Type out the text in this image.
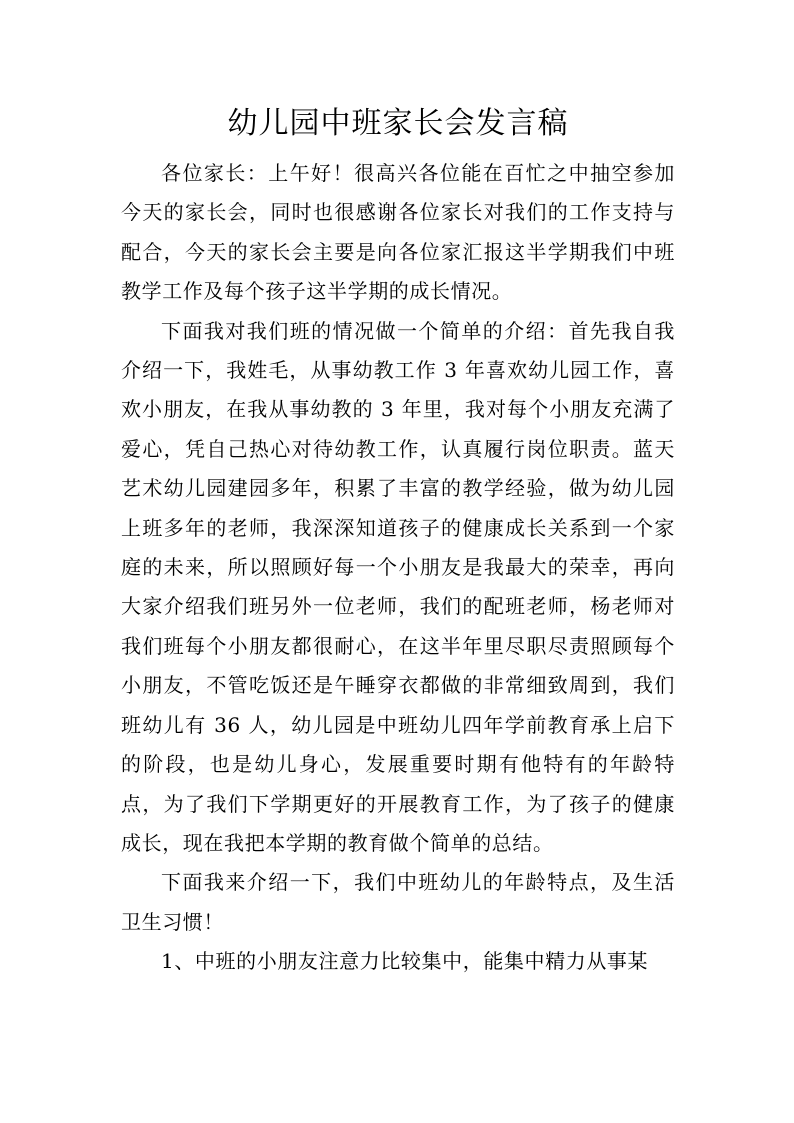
幼儿园中班家长会发言稿

各位家长：上午好！很高兴各位能在百忙之中抽空参加今天的家长会，同时也很感谢各位家长对我们的工作支持与配合，今天的家长会主要是向各位家汇报这半学期我们中班教学工作及每个孩子这半学期的成长情况。

下面我对我们班的情况做一个简单的介绍：首先我自我介绍一下，我姓毛，从事幼教工作 3 年喜欢幼儿园工作，喜欢小朋友，在我从事幼教的 3 年里，我对每个小朋友充满了爱心，凭自己热心对待幼教工作，认真履行岗位职责。蓝天艺术幼儿园建园多年，积累了丰富的教学经验，做为幼儿园上班多年的老师，我深深知道孩子的健康成长关系到一个家庭的未来，所以照顾好每一个小朋友是我最大的荣幸，再向大家介绍我们班另外一位老师，我们的配班老师，杨老师对我们班每个小朋友都很耐心，在这半年里尽职尽责照顾每个小朋友，不管吃饭还是午睡穿衣都做的非常细致周到，我们班幼儿有 36 人，幼儿园是中班幼儿四年学前教育承上启下的阶段，也是幼儿身心，发展重要时期有他特有的年龄特点，为了我们下学期更好的开展教育工作，为了孩子的健康成长，现在我把本学期的教育做个简单的总结。

下面我来介绍一下，我们中班幼儿的年龄特点，及生活卫生习惯！

1、中班的小朋友注意力比较集中，能集中精力从事某
